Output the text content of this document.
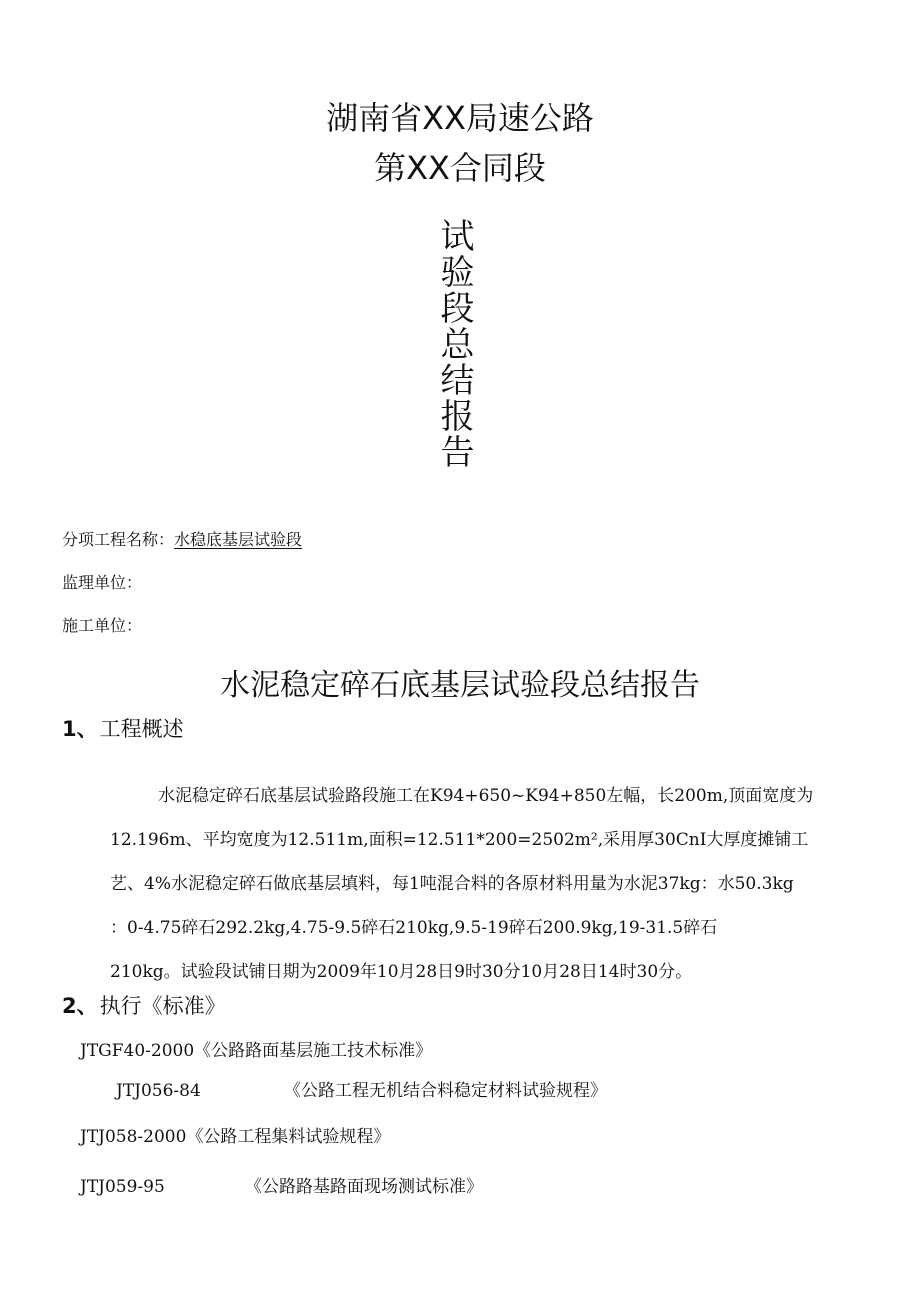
湖南省XX局速公路
第XX合同段
试验段总结报告
分项工程名称：水稳底基层试验段
监理单位：
施工单位：
水泥稳定碎石底基层试验段总结报告
1、工程概述
水泥稳定碎石底基层试验路段施工在K94+650~K94+850左幅，长200m,顶面宽度为
12.196m、平均宽度为12.511m,面积=12.511*200=2502m²,采用厚30CnI大厚度摊铺工
艺、4%水泥稳定碎石做底基层填料，每1吨混合料的各原材料用量为水泥37kg：水50.3kg
：0-4.75碎石292.2kg,4.75-9.5碎石210kg,9.5-19碎石200.9kg,19-31.5碎石
210kg。试验段试铺日期为2009年10月28日9时30分10月28日14时30分。
2、执行《标准》
JTGF40-2000《公路路面基层施工技术标准》
JTJ056-84	《公路工程无机结合料稳定材料试验规程》
JTJ058-2000《公路工程集料试验规程》
JTJ059-95	《公路路基路面现场测试标准》
